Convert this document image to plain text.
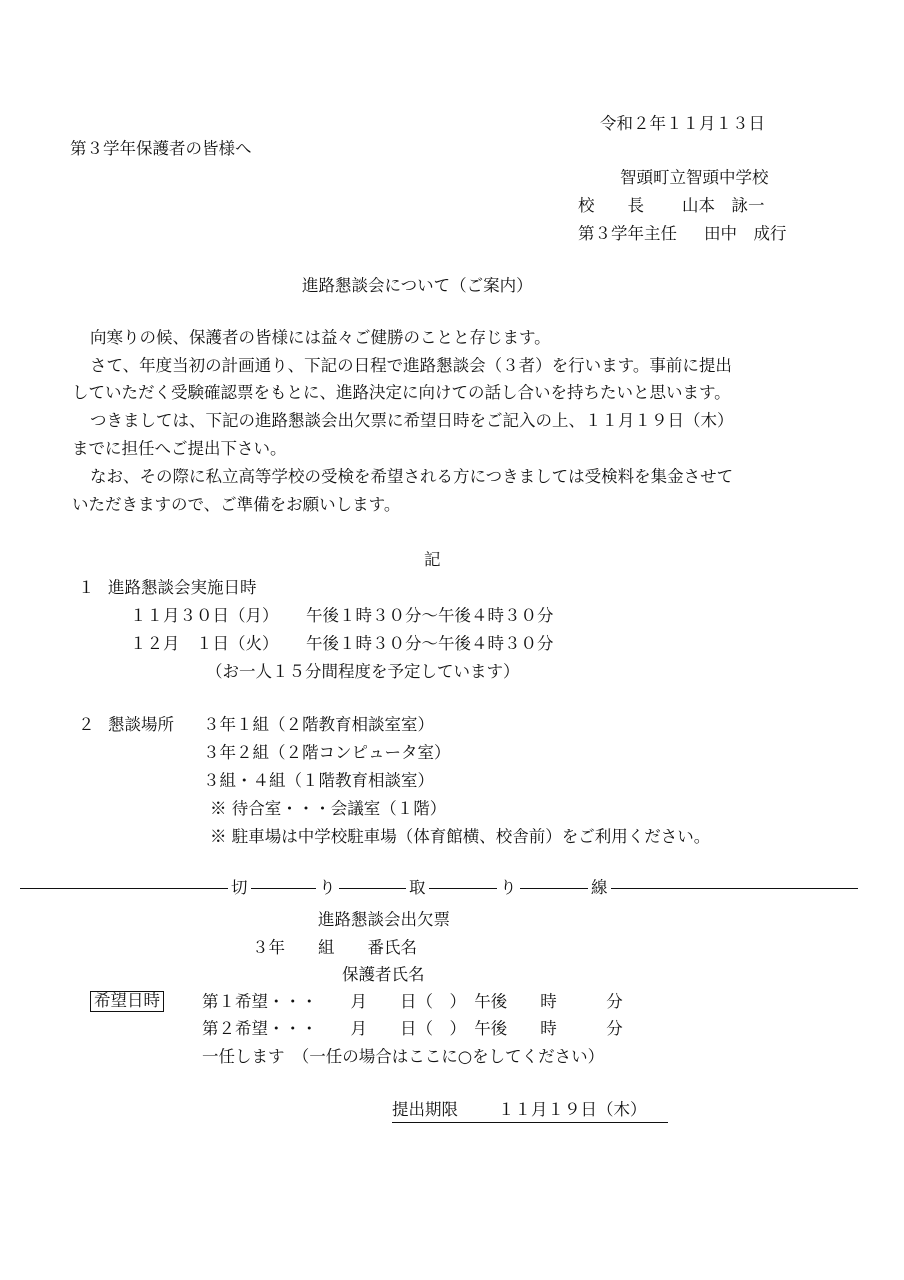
令和２年１１月１３日
第３学年保護者の皆様へ
智頭町立智頭中学校
校　　長 山本　詠一
第３学年主任 田中　成行
進路懇談会について（ご案内）
向寒りの候、保護者の皆様には益々ご健勝のことと存じます。
さて、年度当初の計画通り、下記の日程で進路懇談会（３者）を行います。事前に提出
していただく受験確認票をもとに、進路決定に向けての話し合いを持ちたいと思います。
つきましては、下記の進路懇談会出欠票に希望日時をご記入の上、１１月１９日（木）
までに担任へご提出下さい。
なお、その際に私立高等学校の受検を希望される方につきましては受検料を集金させて
いただきますので、ご準備をお願いします。
記
１ 進路懇談会実施日時
１１月３０日（月） 午後１時３０分～午後４時３０分
１２月　１日（火） 午後１時３０分～午後４時３０分
（お一人１５分間程度を予定しています）
２ 懇談場所 ３年１組（２階教育相談室室）
３年２組（２階コンピュータ室）
３組・４組（１階教育相談室）
※ 待合室・・・会議室（１階）
※ 駐車場は中学校駐車場（体育館横、校舎前）をご利用ください。
切	り	取	り	線
進路懇談会出欠票
３年　　組　　番氏名
保護者氏名
希望日時	第１希望・・・　　月　　日（　）　午後　　時　　　分
第２希望・・・　　月　　日（　）　午後　　時　　　分
一任します　（一任の場合はここに○をしてください）
提出期限 １１月１９日（木）
